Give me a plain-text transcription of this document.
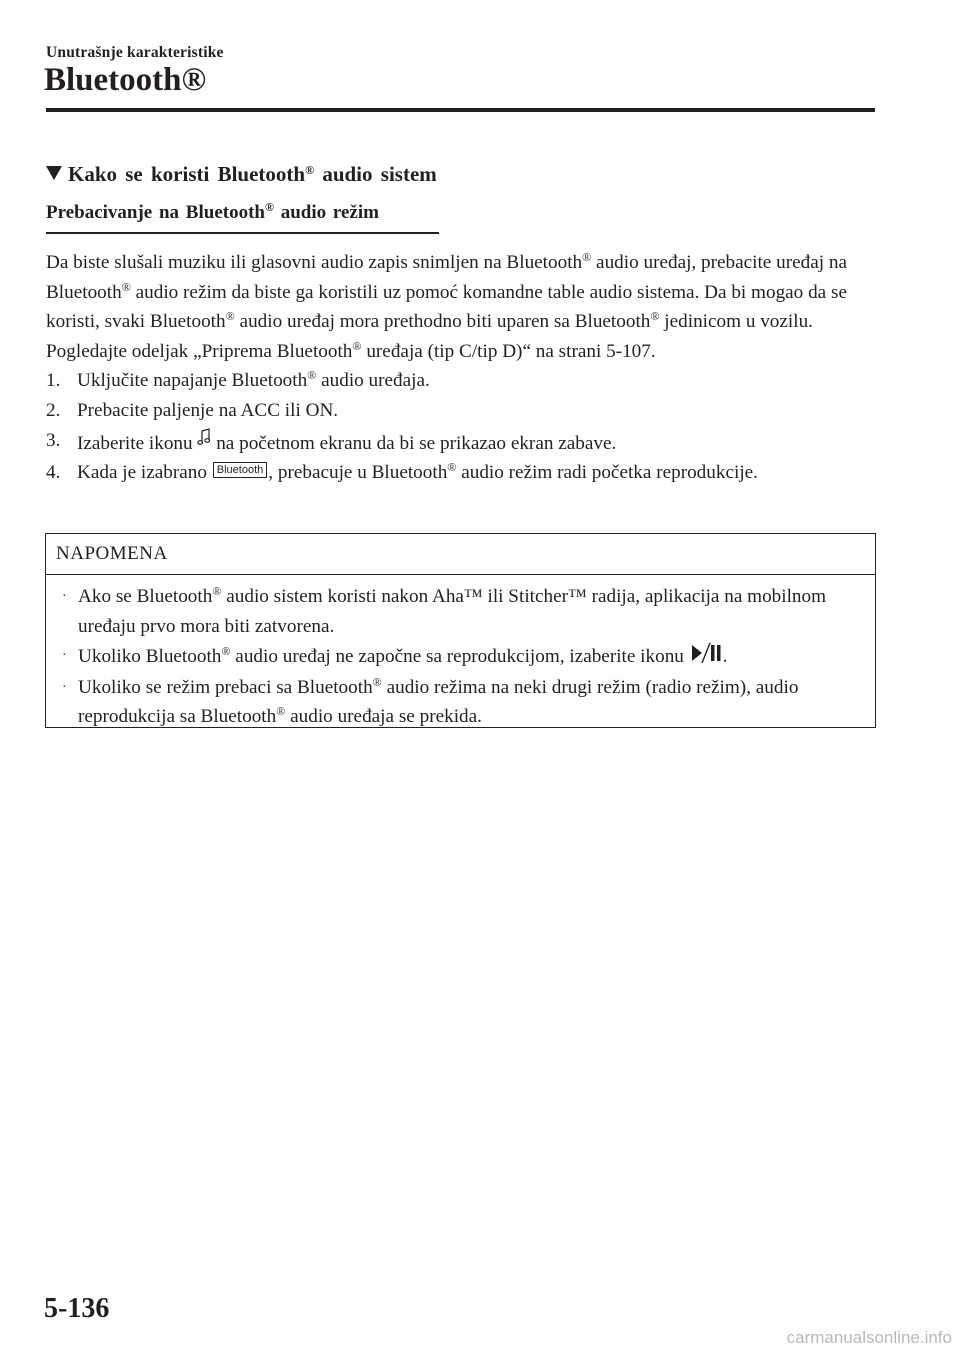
Unutrašnje karakteristike
Bluetooth®
Kako se koristi Bluetooth® audio sistem
Prebacivanje na Bluetooth® audio režim

Da biste slušali muziku ili glasovni audio zapis snimljen na Bluetooth® audio uređaj, prebacite uređaj na Bluetooth® audio režim da biste ga koristili uz pomoć komandne table audio sistema. Da bi mogao da se koristi, svaki Bluetooth® audio uređaj mora prethodno biti uparen sa Bluetooth® jedinicom u vozilu.

Pogledajte odeljak „Priprema Bluetooth® uređaja (tip C/tip D)“ na strani 5-107.

1. Uključite napajanje Bluetooth® audio uređaja.
2. Prebacite paljenje na ACC ili ON.
3. Izaberite ikonu  na početnom ekranu da bi se prikazao ekran zabave.
4. Kada je izabrano Bluetooth , prebacuje u Bluetooth® audio režim radi početka reprodukcije.
NAPOMENA
· Ako se Bluetooth® audio sistem koristi nakon Aha™ ili Stitcher™ radija, aplikacija na mobilnom uređaju prvo mora biti zatvorena.
· Ukoliko Bluetooth® audio uređaj ne započne sa reprodukcijom, izaberite ikonu .
· Ukoliko se režim prebaci sa Bluetooth® audio režima na neki drugi režim (radio režim), audio reprodukcija sa Bluetooth® audio uređaja se prekida.
5-136
carmanualsonline.info
